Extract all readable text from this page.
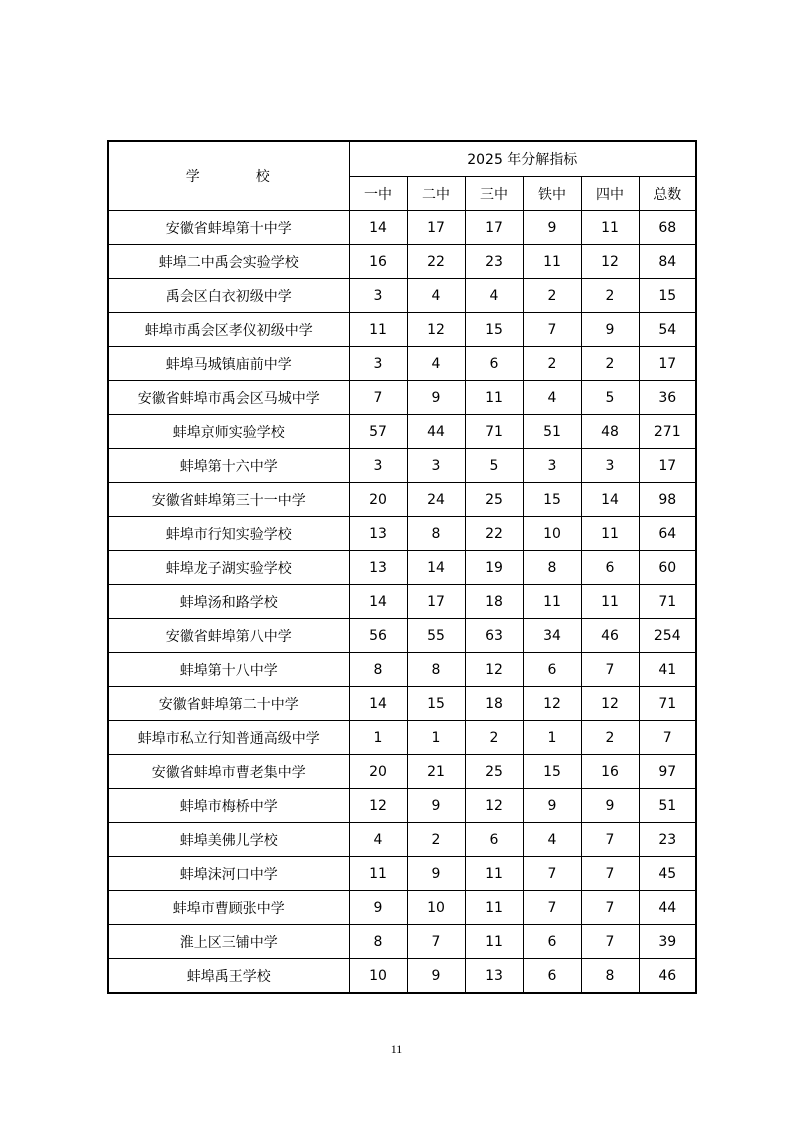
学 校	2025 年分解指标					
	一中	二中	三中	铁中	四中	总数
安徽省蚌埠第十中学	14	17	17	9	11	68
蚌埠二中禹会实验学校	16	22	23	11	12	84
禹会区白衣初级中学	3	4	4	2	2	15
蚌埠市禹会区孝仪初级中学	11	12	15	7	9	54
蚌埠马城镇庙前中学	3	4	6	2	2	17
安徽省蚌埠市禹会区马城中学	7	9	11	4	5	36
蚌埠京师实验学校	57	44	71	51	48	271
蚌埠第十六中学	3	3	5	3	3	17
安徽省蚌埠第三十一中学	20	24	25	15	14	98
蚌埠市行知实验学校	13	8	22	10	11	64
蚌埠龙子湖实验学校	13	14	19	8	6	60
蚌埠汤和路学校	14	17	18	11	11	71
安徽省蚌埠第八中学	56	55	63	34	46	254
蚌埠第十八中学	8	8	12	6	7	41
安徽省蚌埠第二十中学	14	15	18	12	12	71
蚌埠市私立行知普通高级中学	1	1	2	1	2	7
安徽省蚌埠市曹老集中学	20	21	25	15	16	97
蚌埠市梅桥中学	12	9	12	9	9	51
蚌埠美佛儿学校	4	2	6	4	7	23
蚌埠沫河口中学	11	9	11	7	7	45
蚌埠市曹顾张中学	9	10	11	7	7	44
淮上区三铺中学	8	7	11	6	7	39
蚌埠禹王学校	10	9	13	6	8	46
11
